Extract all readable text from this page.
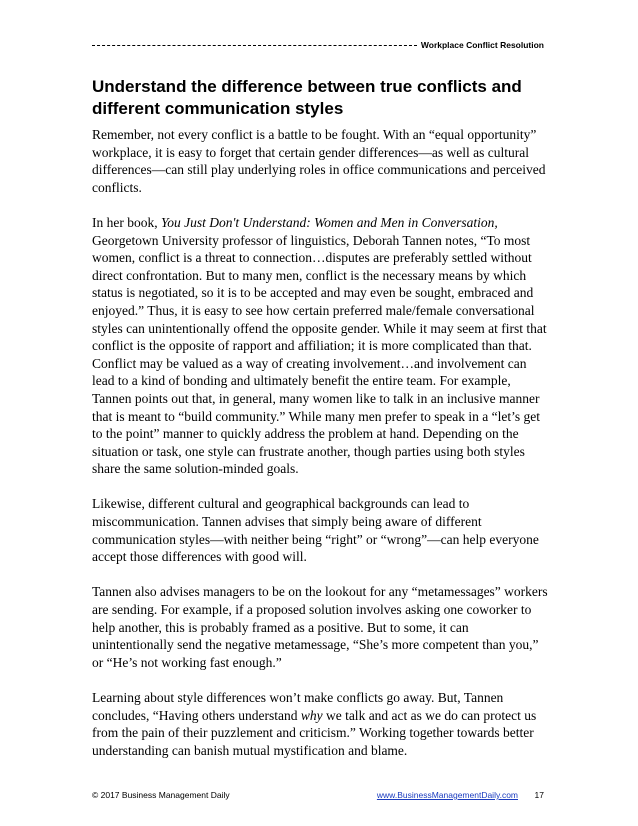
Workplace Conflict Resolution
Understand the difference between true conflicts and different communication styles

Remember, not every conflict is a battle to be fought. With an “equal opportunity” workplace, it is easy to forget that certain gender differences—as well as cultural differences—can still play underlying roles in office communications and perceived conflicts.

In her book, You Just Don't Understand: Women and Men in Conversation, Georgetown University professor of linguistics, Deborah Tannen notes, “To most women, conflict is a threat to connection…disputes are preferably settled without direct confrontation. But to many men, conflict is the necessary means by which status is negotiated, so it is to be accepted and may even be sought, embraced and enjoyed.” Thus, it is easy to see how certain preferred male/female conversational styles can unintentionally offend the opposite gender. While it may seem at first that conflict is the opposite of rapport and affiliation; it is more complicated than that. Conflict may be valued as a way of creating involvement…and involvement can lead to a kind of bonding and ultimately benefit the entire team. For example, Tannen points out that, in general, many women like to talk in an inclusive manner that is meant to “build community.” While many men prefer to speak in a “let’s get to the point” manner to quickly address the problem at hand. Depending on the situation or task, one style can frustrate another, though parties using both styles share the same solution-minded goals.

Likewise, different cultural and geographical backgrounds can lead to miscommunication. Tannen advises that simply being aware of different communication styles—with neither being “right” or “wrong”—can help everyone accept those differences with good will.

Tannen also advises managers to be on the lookout for any “metamessages” workers are sending. For example, if a proposed solution involves asking one coworker to help another, this is probably framed as a positive. But to some, it can unintentionally send the negative metamessage, “She’s more competent than you,” or “He’s not working fast enough.”

Learning about style differences won’t make conflicts go away. But, Tannen concludes, “Having others understand why we talk and act as we do can protect us from the pain of their puzzlement and criticism.” Working together towards better understanding can banish mutual mystification and blame.

© 2017 Business Management Daily	www.BusinessManagementDaily.com 17
